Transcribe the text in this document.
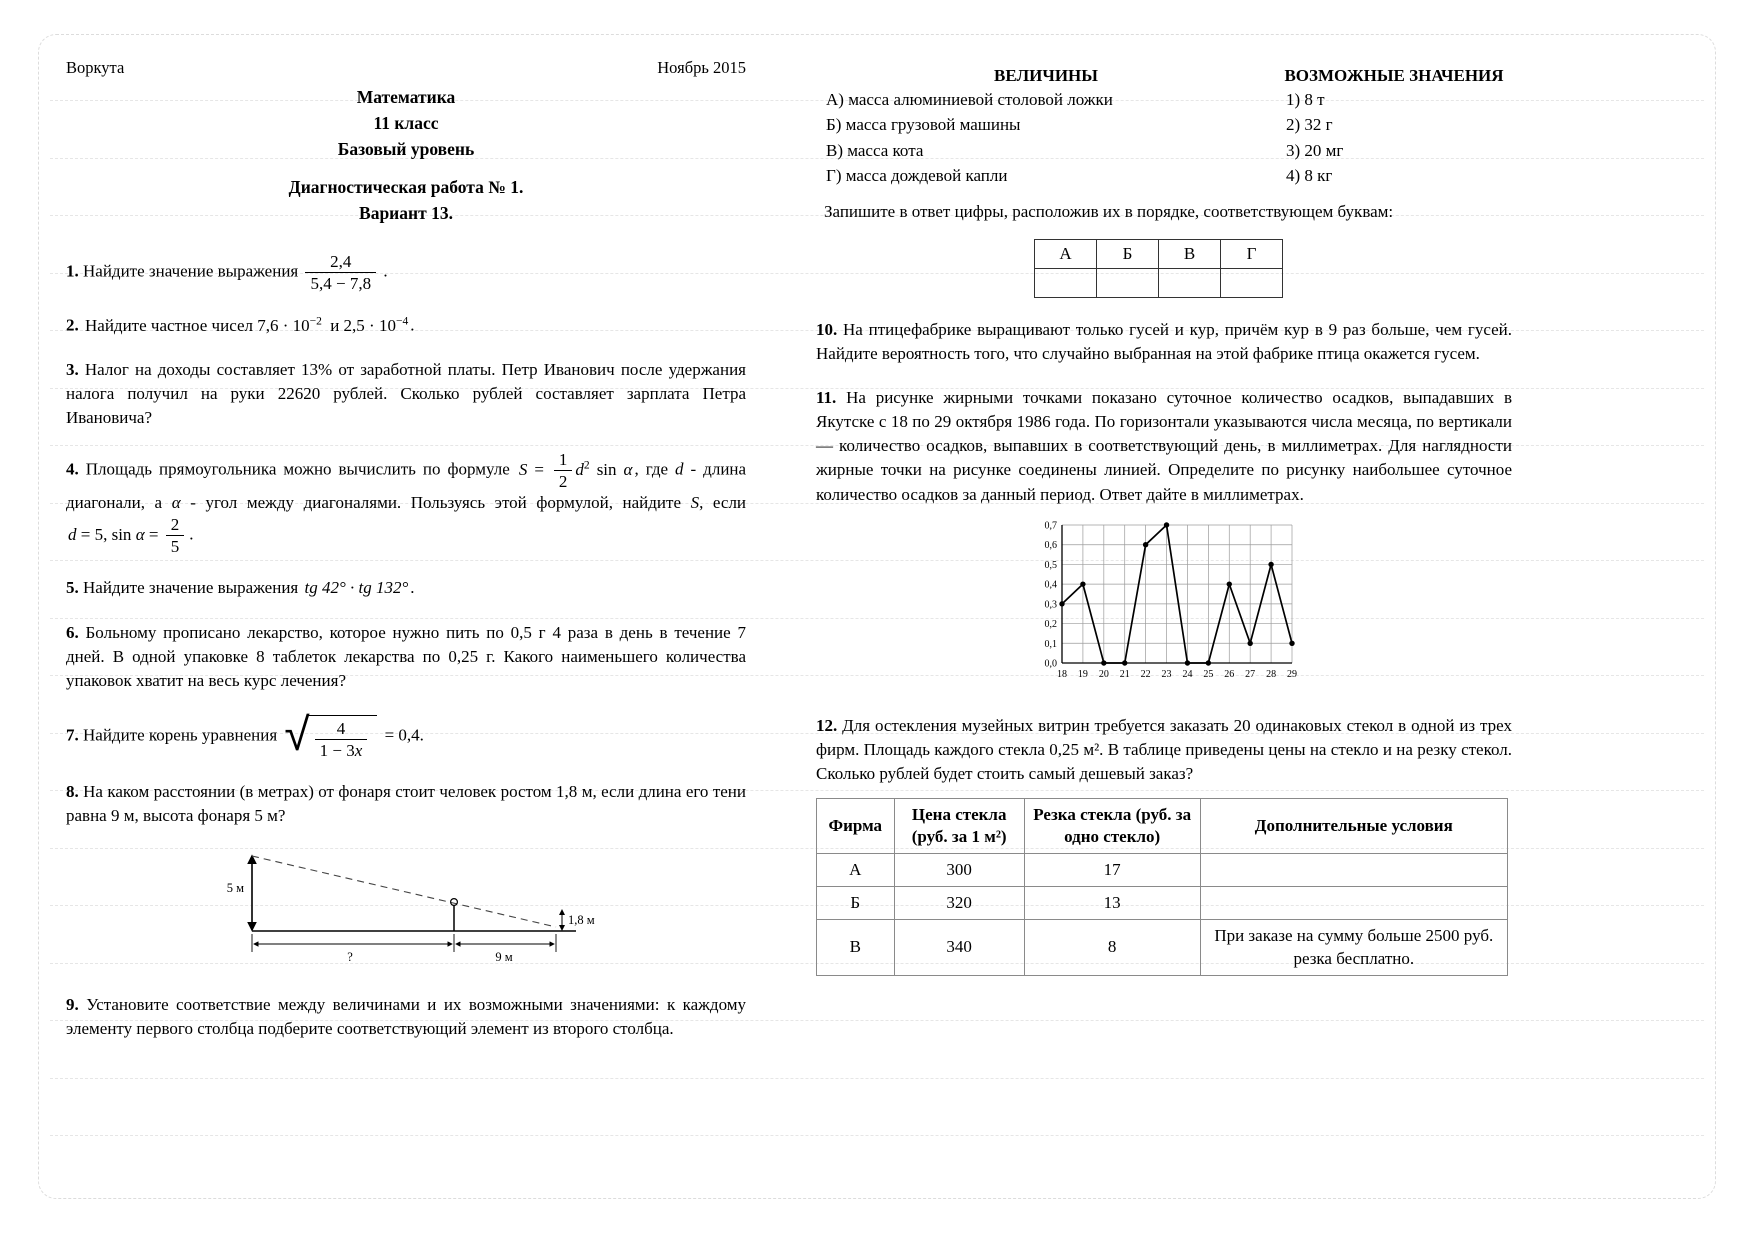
Воркута	Ноябрь 2015
Математика
11 класс
Базовый уровень
Диагностическая работа № 1.
Вариант 13.

1. Найдите значение выражения $\frac{2,4}{5,4 - 7,8}$ .

2. Найдите частное чисел $7,6 \cdot 10^{-2}$ и $2,5 \cdot 10^{-4}$ .

3. Налог на доходы составляет 13% от заработной платы. Петр Иванович после удержания налога получил на руки 22620 рублей. Сколько рублей составляет зарплата Петра Ивановича?

4. Площадь прямоугольника можно вычислить по формуле $S = \frac{1}{2} d^2$ sin α , где d - длина диагонали, а α - угол между диагоналями. Пользуясь этой формулой, найдите S, если d = 5, $\sin \alpha = \frac{2}{5}$ .

5. Найдите значение выражения tg 42° · tg 132° .

6. Больному прописано лекарство, которое нужно пить по 0,5 г 4 раза в день в течение 7 дней. В одной упаковке 8 таблеток лекарства по 0,25 г. Какого наименьшего количества упаковок хватит на весь курс лечения?

7. Найдите корень уравнения √ $\frac{4}{1 - 3x} = 0,4$.

8. На каком расстоянии (в метрах) от фонаря стоит человек ростом 1,8 м, если длина его тени равна 9 м, высота фонаря 5 м?

5 м
1,8 м
?	9 м

9. Установите соответствие между величинами и их возможными значениями: к каждому элементу первого столбца подберите соответствующий элемент из второго столбца.

ВЕЛИЧИНЫ	ВОЗМОЖНЫЕ ЗНАЧЕНИЯ
А) масса алюминиевой столовой ложки	1) 8 т
Б) масса грузовой машины	2) 32 г
В) масса кота	3) 20 мг
Г) масса дождевой капли	4) 8 кг

Запишите в ответ цифры, расположив их в порядке, соответствующем буквам:

А	Б	В	Г

10. На птицефабрике выращивают только гусей и кур, причём кур в 9 раз больше, чем гусей. Найдите вероятность того, что случайно выбранная на этой фабрике птица окажется гусем.

11. На рисунке жирными точками показано суточное количество осадков, выпадавших в Якутске с 18 по 29 октября 1986 года. По горизонтали указываются числа месяца, по вертикали — количество осадков, выпавших в соответствующий день, в миллиметрах. Для наглядности жирные точки на рисунке соединены линией. Определите по рисунку наибольшее суточное количество осадков за данный период. Ответ дайте в миллиметрах.

0,0
0,1
0,2
0,3
0,4
0,5
0,6
0,7
18 19 20 21 22 23 24 25 26 27 28 29

12. Для остекления музейных витрин требуется заказать 20 одинаковых стекол в одной из трех фирм. Площадь каждого стекла 0,25 м². В таблице приведены цены на стекло и на резку стекол. Сколько рублей будет стоить самый дешевый заказ?

Фирма	Цена стекла (руб. за 1 м²)	Резка стекла (руб. за одно стекло)	Дополнительные условия
А	300	17	
Б	320	13	
В	340	8	При заказе на сумму больше 2500 руб. резка бесплатно.
